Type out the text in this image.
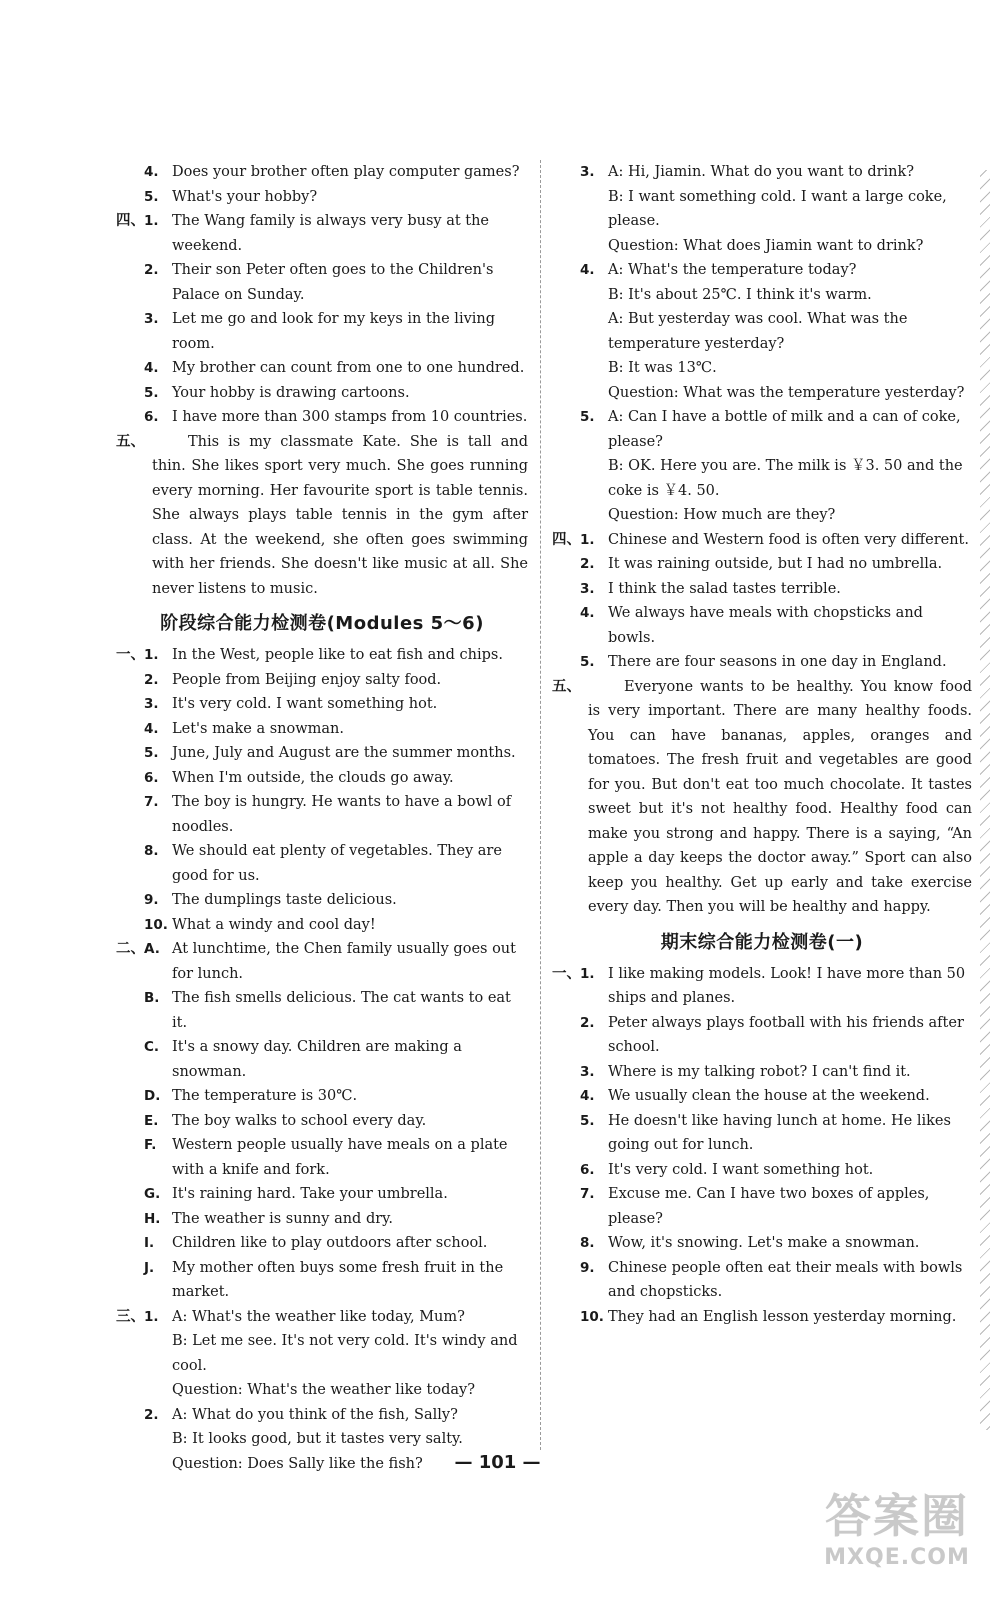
4. Does your brother often play computer games?
5. What's your hobby?
四、 1. The Wang family is always very busy at the weekend.
2. Their son Peter often goes to the Children's Palace on Sunday.
3. Let me go and look for my keys in the living room.
4. My brother can count from one to one hundred.
5. Your hobby is drawing cartoons.
6. I have more than 300 stamps from 10 countries.
五、	This is my classmate Kate. She is tall and thin. She likes sport very much. She goes running every morning. Her favourite sport is table tennis. She always plays table tennis in the gym after class. At the weekend, she often goes swimming with her friends. She doesn't like music at all. She never listens to music.
阶段综合能力检测卷(Modules 5～6)
一、 1. In the West, people like to eat fish and chips.
2. People from Beijing enjoy salty food.
3. It's very cold. I want something hot.
4. Let's make a snowman.
5. June, July and August are the summer months.
6. When I'm outside, the clouds go away.
7. The boy is hungry. He wants to have a bowl of noodles.
8. We should eat plenty of vegetables. They are good for us.
9. The dumplings taste delicious.
10. What a windy and cool day!
二、 A. At lunchtime, the Chen family usually goes out for lunch.
B. The fish smells delicious. The cat wants to eat it.
C. It's a snowy day. Children are making a snowman.
D. The temperature is 30℃.
E. The boy walks to school every day.
F. Western people usually have meals on a plate with a knife and fork.
G. It's raining hard. Take your umbrella.
H. The weather is sunny and dry.
I. Children like to play outdoors after school.
J. My mother often buys some fresh fruit in the market.
三、 1. A: What's the weather like today, Mum?
B: Let me see. It's not very cold. It's windy and cool.
Question: What's the weather like today?
2. A: What do you think of the fish, Sally?
B: It looks good, but it tastes very salty.
Question: Does Sally like the fish?
3. A: Hi, Jiamin. What do you want to drink?
B: I want something cold. I want a large coke, please.
Question: What does Jiamin want to drink?
4. A: What's the temperature today?
B: It's about 25℃. I think it's warm.
A: But yesterday was cool. What was the temperature yesterday?
B: It was 13℃.
Question: What was the temperature yesterday?
5. A: Can I have a bottle of milk and a can of coke, please?
B: OK. Here you are. The milk is ￥3. 50 and the coke is ￥4. 50.
Question: How much are they?
四、 1. Chinese and Western food is often very different.
2. It was raining outside, but I had no umbrella.
3. I think the salad tastes terrible.
4. We always have meals with chopsticks and bowls.
5. There are four seasons in one day in England.
五、	Everyone wants to be healthy. You know food is very important. There are many healthy foods. You can have bananas, apples, oranges and tomatoes. The fresh fruit and vegetables are good for you. But don't eat too much chocolate. It tastes sweet but it's not healthy food. Healthy food can make you strong and happy. There is a saying, “An apple a day keeps the doctor away.” Sport can also keep you healthy. Get up early and take exercise every day. Then you will be healthy and happy.
期末综合能力检测卷(一)
一、 1. I like making models. Look! I have more than 50 ships and planes.
2. Peter always plays football with his friends after school.
3. Where is my talking robot? I can't find it.
4. We usually clean the house at the weekend.
5. He doesn't like having lunch at home. He likes going out for lunch.
6. It's very cold. I want something hot.
7. Excuse me. Can I have two boxes of apples, please?
8. Wow, it's snowing. Let's make a snowman.
9. Chinese people often eat their meals with bowls and chopsticks.
10. They had an English lesson yesterday morning.
— 101 —
答案圈
MXQE.COM
